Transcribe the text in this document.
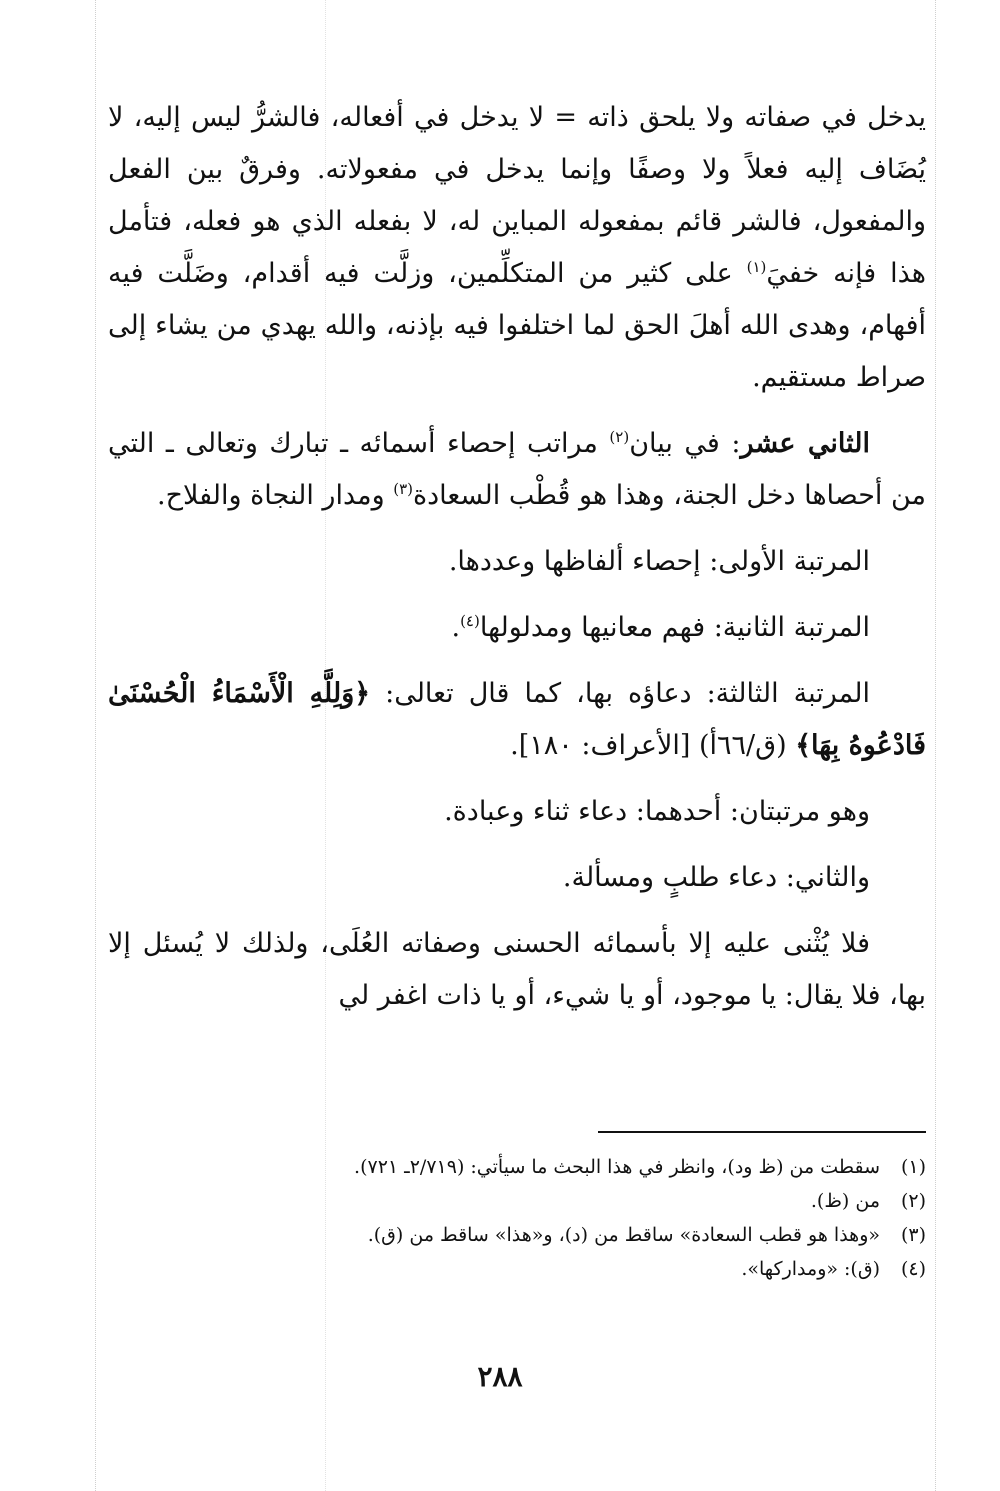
يدخل في صفاته ولا يلحق ذاته = لا يدخل في أفعاله، فالشرُّ ليس إليه، لا يُضَاف إليه فعلاً ولا وصفًا وإنما يدخل في مفعولاته. وفرقٌ بين الفعل والمفعول، فالشر قائم بمفعوله المباين له، لا بفعله الذي هو فعله، فتأمل هذا فإنه خفيَ$^{(١)}$ على كثير من المتكلِّمين، وزلَّت فيه أقدام، وضَلَّت فيه أفهام، وهدى الله أهلَ الحق لما اختلفوا فيه بإذنه، والله يهدي من يشاء إلى صراط مستقيم.

الثاني عشر: في بيان$^{(٢)}$ مراتب إحصاء أسمائه ـ تبارك وتعالى ـ التي من أحصاها دخل الجنة، وهذا هو قُطْب السعادة$^{(٣)}$ ومدار النجاة والفلاح.

المرتبة الأولى: إحصاء ألفاظها وعددها.

المرتبة الثانية: فهم معانيها ومدلولها$^{(٤)}$.

المرتبة الثالثة: دعاؤه بها، كما قال تعالى: ﴿وَلِلَّهِ الْأَسْمَاءُ الْحُسْنَىٰ فَادْعُوهُ بِهَا﴾ (ق/٦٦أ) [الأعراف: ١٨٠].

وهو مرتبتان: أحدهما: دعاء ثناء وعبادة.

والثاني: دعاء طلبٍ ومسألة.

فلا يُثْنى عليه إلا بأسمائه الحسنى وصفاته العُلَى، ولذلك لا يُسئل إلا بها، فلا يقال: يا موجود، أو يا شيء، أو يا ذات اغفر لي

(١)سقطت من (ظ ود)، وانظر في هذا البحث ما سيأتي: (٢/٧١٩ـ ٧٢١).
(٢)من (ظ).
(٣)«وهذا هو قطب السعادة» ساقط من (د)، و«هذا» ساقط من (ق).
(٤)(ق): «ومداركها».
٢٨٨
